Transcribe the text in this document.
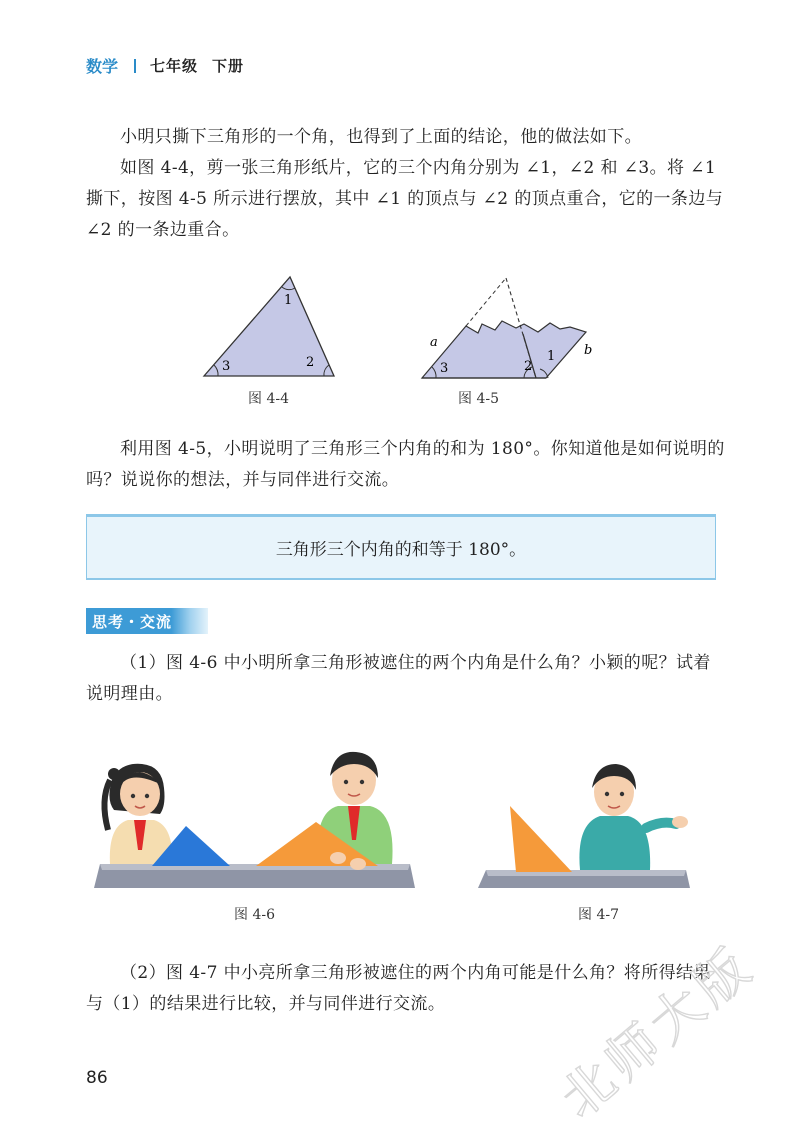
数学 七年级 下册

小明只撕下三角形的一个角，也得到了上面的结论，他的做法如下。

如图 4-4，剪一张三角形纸片，它的三个内角分别为 ∠1，∠2 和 ∠3。将 ∠1 撕下，按图 4-5 所示进行摆放，其中 ∠1 的顶点与 ∠2 的顶点重合，它的一条边与 ∠2 的一条边重合。

1
2
3
图 4-4
a
b
1
2
3
图 4-5

利用图 4-5，小明说明了三角形三个内角的和为 180°。你知道他是如何说明的吗？说说你的想法，并与同伴进行交流。

三角形三个内角的和等于 180°。
思考・交流

（1）图 4-6 中小明所拿三角形被遮住的两个内角是什么角？小颖的呢？试着说明理由。

图 4-6	图 4-7

（2）图 4-7 中小亮所拿三角形被遮住的两个内角可能是什么角？将所得结果与（1）的结果进行比较，并与同伴进行交流。

86	北师大版
